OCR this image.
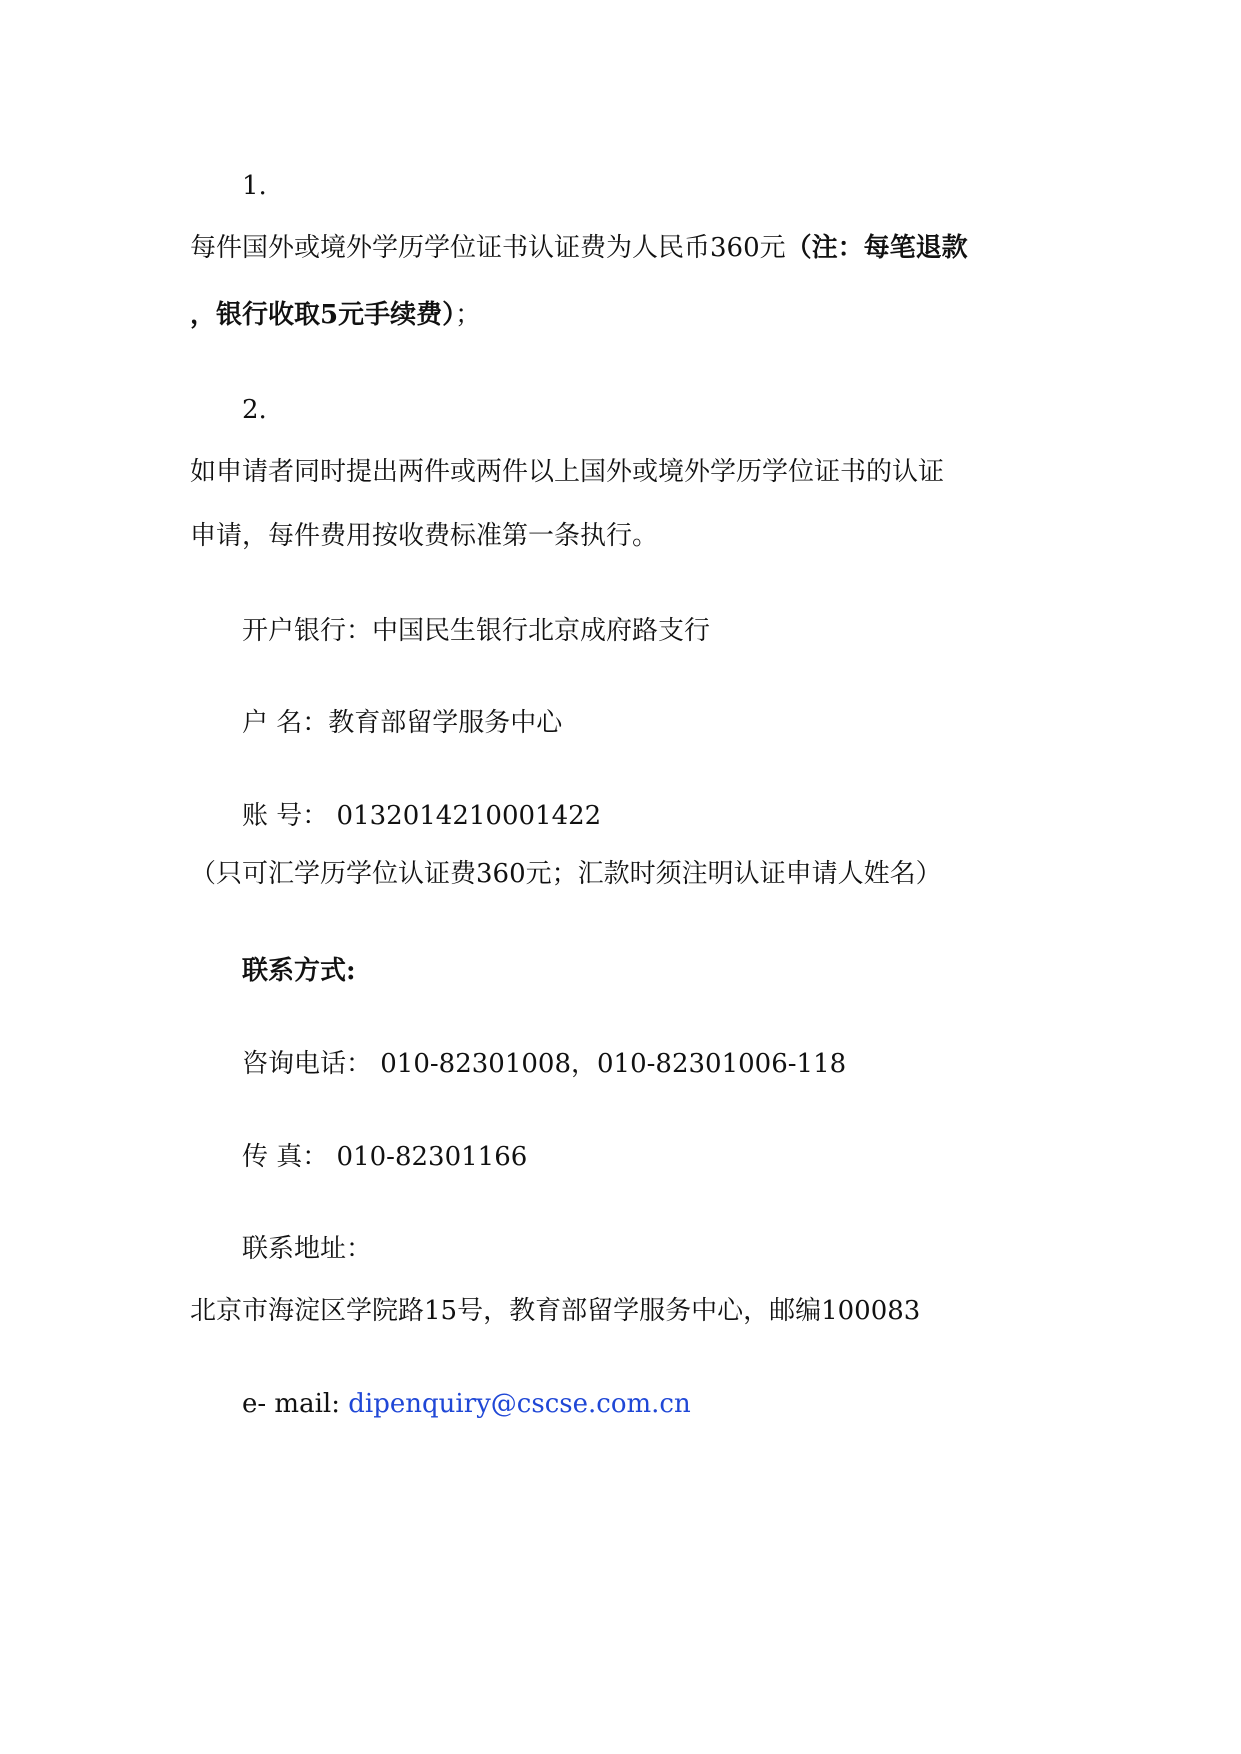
1.
每件国外或境外学历学位证书认证费为人民币360元（注：每笔退款
，银行收取5元手续费）；
2.
如申请者同时提出两件或两件以上国外或境外学历学位证书的认证
申请，每件费用按收费标准第一条执行。
开户银行：中国民生银行北京成府路支行
户 名：教育部留学服务中心
账 号： 0132014210001422
（只可汇学历学位认证费360元；汇款时须注明认证申请人姓名）
联系方式:
咨询电话： 010-82301008，010-82301006-118
传 真： 010-82301166
联系地址：
北京市海淀区学院路15号，教育部留学服务中心，邮编100083
e- mail: dipenquiry@cscse.com.cn
